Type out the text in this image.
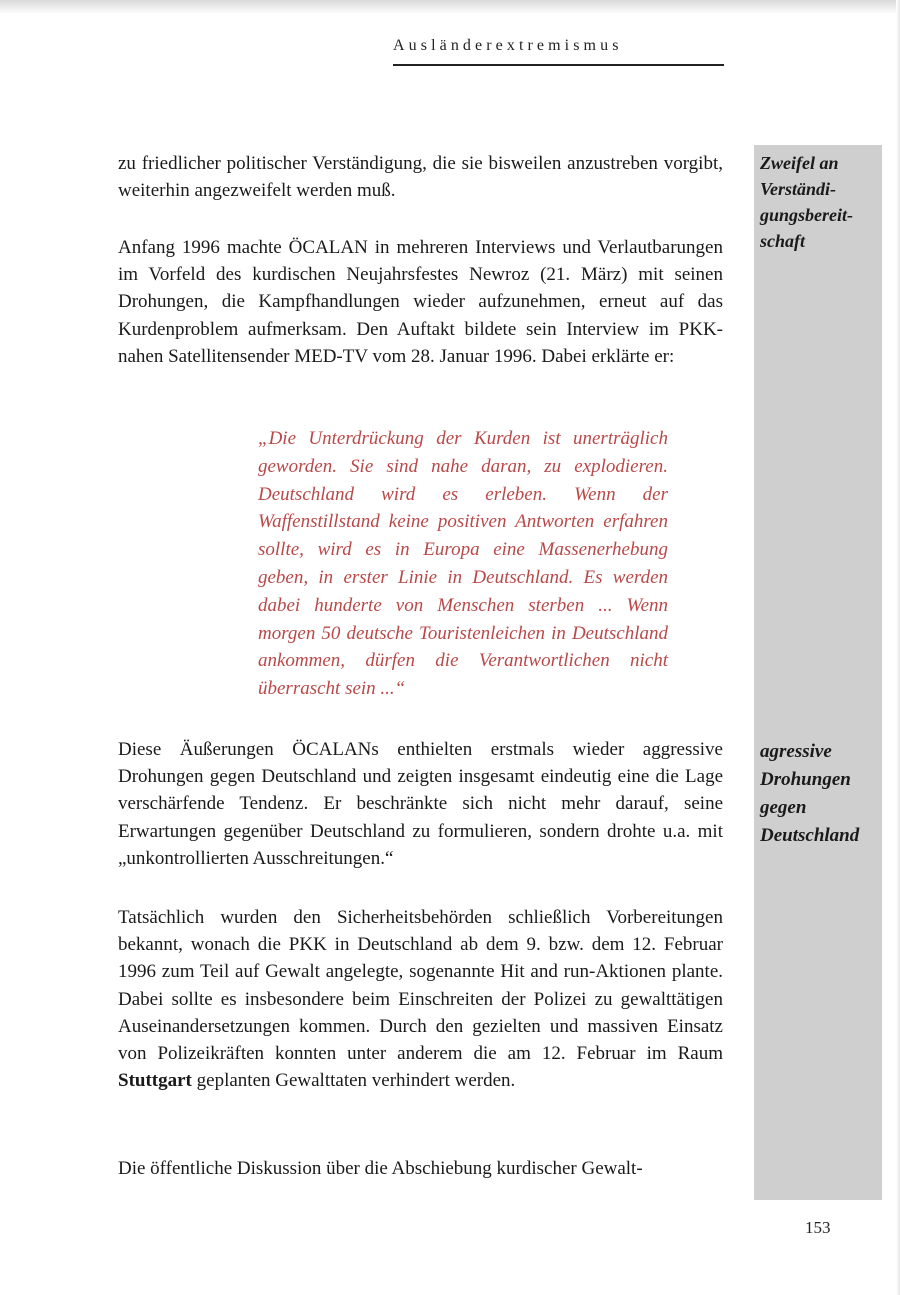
Ausländerextremismus

Zweifel an Verständi-gungsbereit-schaft

agressive Drohungen gegen Deutschland

zu friedlicher politischer Verständigung, die sie bisweilen anzustreben vorgibt, weiterhin angezweifelt werden muß.

Anfang 1996 machte ÖCALAN in mehreren Interviews und Verlautbarungen im Vorfeld des kurdischen Neujahrsfestes Newroz (21. März) mit seinen Drohungen, die Kampfhandlungen wieder aufzunehmen, erneut auf das Kurdenproblem aufmerksam. Den Auftakt bildete sein Interview im PKK-nahen Satellitensender MED-TV vom 28. Januar 1996. Dabei erklärte er:

„Die Unterdrückung der Kurden ist unerträglich geworden. Sie sind nahe daran, zu explodieren. Deutschland wird es erleben. Wenn der Waffenstillstand keine positiven Antworten erfahren sollte, wird es in Europa eine Massenerhebung geben, in erster Linie in Deutschland. Es werden dabei hunderte von Menschen sterben ... Wenn morgen 50 deutsche Touristenleichen in Deutschland ankommen, dürfen die Verantwortlichen nicht überrascht sein ...“

Diese Äußerungen ÖCALANs enthielten erstmals wieder aggressive Drohungen gegen Deutschland und zeigten insgesamt eindeutig eine die Lage verschärfende Tendenz. Er beschränkte sich nicht mehr darauf, seine Erwartungen gegenüber Deutschland zu formulieren, sondern drohte u.a. mit „unkontrollierten Ausschreitungen.“

Tatsächlich wurden den Sicherheitsbehörden schließlich Vorbereitungen bekannt, wonach die PKK in Deutschland ab dem 9. bzw. dem 12. Februar 1996 zum Teil auf Gewalt angelegte, sogenannte Hit and run-Aktionen plante. Dabei sollte es insbesondere beim Einschreiten der Polizei zu gewalttätigen Auseinandersetzungen kommen. Durch den gezielten und massiven Einsatz von Polizeikräften konnten unter anderem die am 12. Februar im Raum Stuttgart geplanten Gewalttaten verhindert werden.

Die öffentliche Diskussion über die Abschiebung kurdischer Gewalt-

153
